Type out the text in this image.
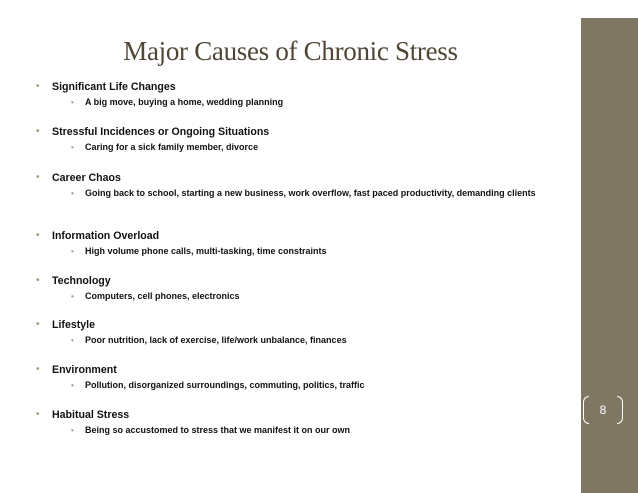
8
Major Causes of Chronic Stress
• Significant Life Changes
• A big move, buying a home, wedding planning
• Stressful Incidences or Ongoing Situations
• Caring for a sick family member, divorce
• Career Chaos
• Going back to school, starting a new business, work overflow, fast paced productivity, demanding clients
• Information Overload
• High volume phone calls, multi-tasking, time constraints
• Technology
• Computers, cell phones, electronics
• Lifestyle
• Poor nutrition, lack of exercise, life/work unbalance, finances
• Environment
• Pollution, disorganized surroundings, commuting, politics, traffic
• Habitual Stress
• Being so accustomed to stress that we manifest it on our own
